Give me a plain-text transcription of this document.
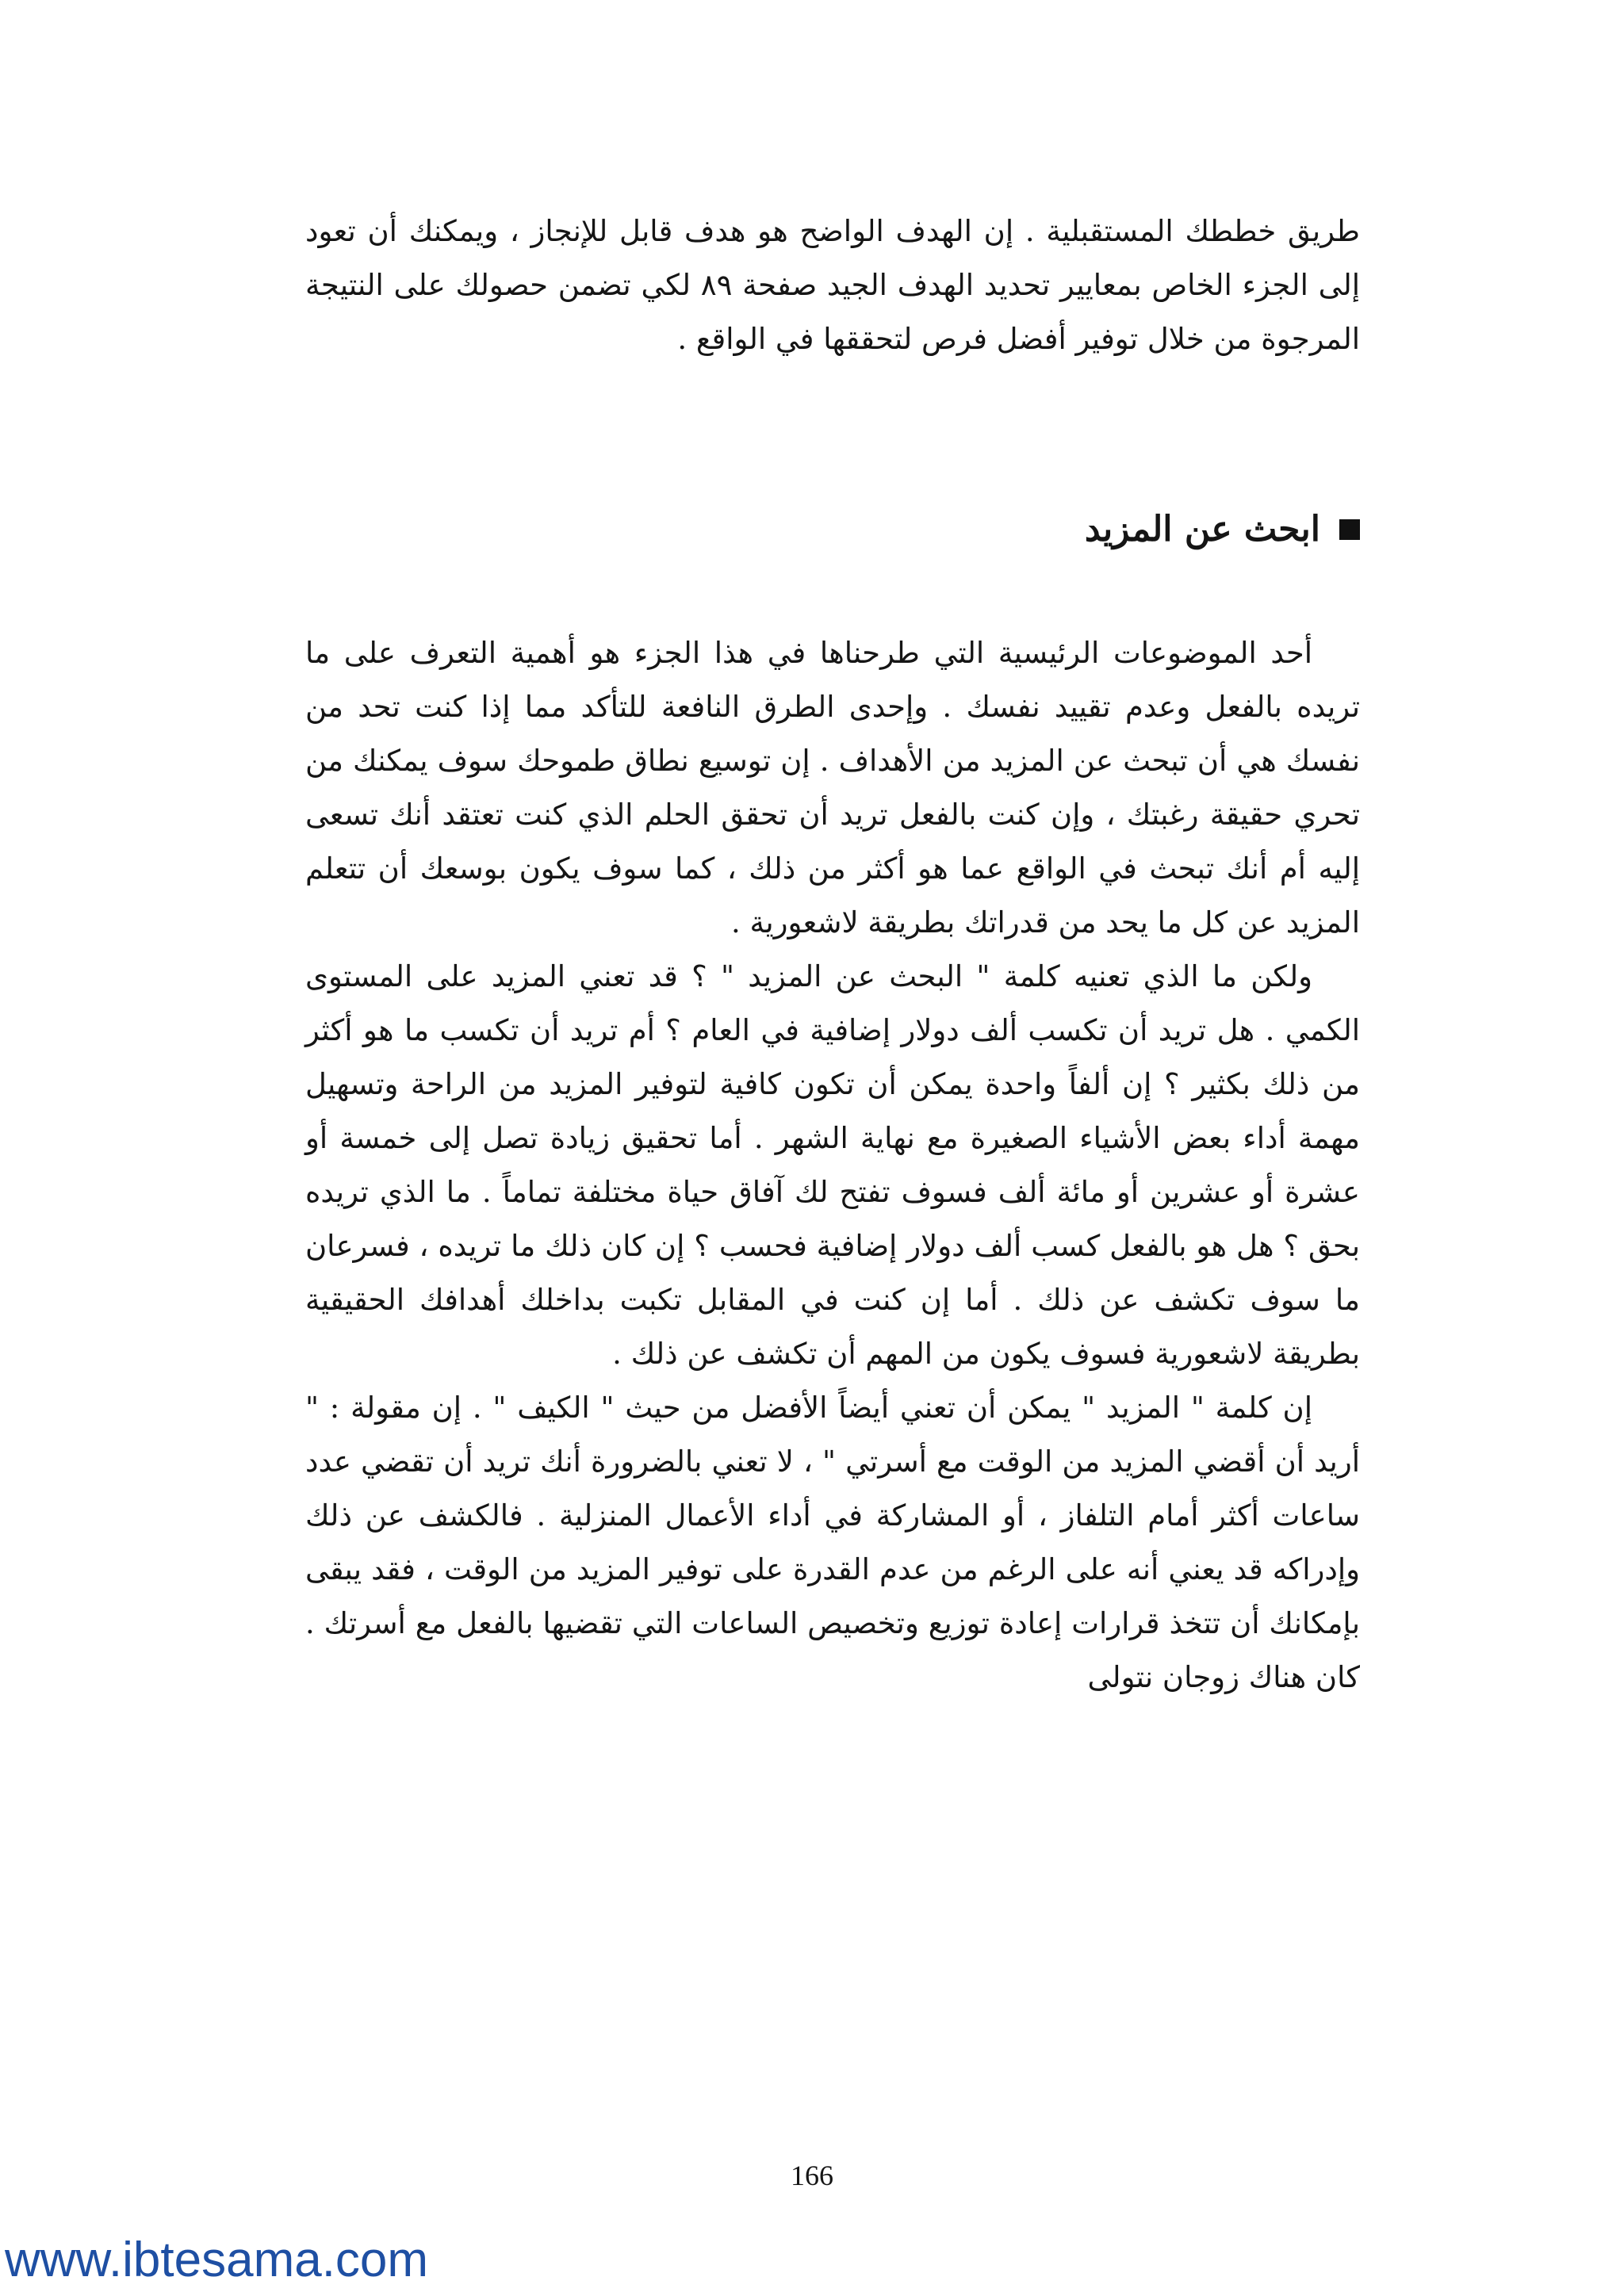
طريق خططك المستقبلية . إن الهدف الواضح هو هدف قابل للإنجاز ، ويمكنك أن تعود إلى الجزء الخاص بمعايير تحديد الهدف الجيد صفحة ٨٩ لكي تضمن حصولك على النتيجة المرجوة من خلال توفير أفضل فرص لتحققها في الواقع .

ابحث عن المزيد

أحد الموضوعات الرئيسية التي طرحناها في هذا الجزء هو أهمية التعرف على ما تريده بالفعل وعدم تقييد نفسك . وإحدى الطرق النافعة للتأكد مما إذا كنت تحد من نفسك هي أن تبحث عن المزيد من الأهداف . إن توسيع نطاق طموحك سوف يمكنك من تحري حقيقة رغبتك ، وإن كنت بالفعل تريد أن تحقق الحلم الذي كنت تعتقد أنك تسعى إليه أم أنك تبحث في الواقع عما هو أكثر من ذلك ، كما سوف يكون بوسعك أن تتعلم المزيد عن كل ما يحد من قدراتك بطريقة لاشعورية .

ولكن ما الذي تعنيه كلمة " البحث عن المزيد " ؟ قد تعني المزيد على المستوى الكمي . هل تريد أن تكسب ألف دولار إضافية في العام ؟ أم تريد أن تكسب ما هو أكثر من ذلك بكثير ؟ إن ألفاً واحدة يمكن أن تكون كافية لتوفير المزيد من الراحة وتسهيل مهمة أداء بعض الأشياء الصغيرة مع نهاية الشهر . أما تحقيق زيادة تصل إلى خمسة أو عشرة أو عشرين أو مائة ألف فسوف تفتح لك آفاق حياة مختلفة تماماً . ما الذي تريده بحق ؟ هل هو بالفعل كسب ألف دولار إضافية فحسب ؟ إن كان ذلك ما تريده ، فسرعان ما سوف تكشف عن ذلك . أما إن كنت في المقابل تكبت بداخلك أهدافك الحقيقية بطريقة لاشعورية فسوف يكون من المهم أن تكشف عن ذلك .

إن كلمة " المزيد " يمكن أن تعني أيضاً الأفضل من حيث " الكيف " . إن مقولة : " أريد أن أقضي المزيد من الوقت مع أسرتي " ، لا تعني بالضرورة أنك تريد أن تقضي عدد ساعات أكثر أمام التلفاز ، أو المشاركة في أداء الأعمال المنزلية . فالكشف عن ذلك وإدراكه قد يعني أنه على الرغم من عدم القدرة على توفير المزيد من الوقت ، فقد يبقى بإمكانك أن تتخذ قرارات إعادة توزيع وتخصيص الساعات التي تقضيها بالفعل مع أسرتك . كان هناك زوجان نتولى

166
www.ibtesama.com
